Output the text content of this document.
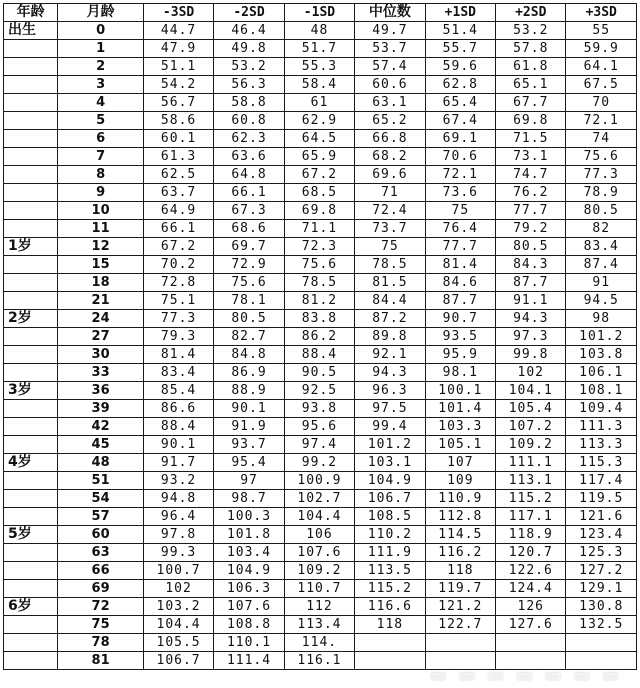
年龄	月龄	-3SD	-2SD	-1SD	中位数	+1SD	+2SD	+3SD
出生	0	44.7	46.4	48	49.7	51.4	53.2	55
	1	47.9	49.8	51.7	53.7	55.7	57.8	59.9
	2	51.1	53.2	55.3	57.4	59.6	61.8	64.1
	3	54.2	56.3	58.4	60.6	62.8	65.1	67.5
	4	56.7	58.8	61	63.1	65.4	67.7	70
	5	58.6	60.8	62.9	65.2	67.4	69.8	72.1
	6	60.1	62.3	64.5	66.8	69.1	71.5	74
	7	61.3	63.6	65.9	68.2	70.6	73.1	75.6
	8	62.5	64.8	67.2	69.6	72.1	74.7	77.3
	9	63.7	66.1	68.5	71	73.6	76.2	78.9
	10	64.9	67.3	69.8	72.4	75	77.7	80.5
	11	66.1	68.6	71.1	73.7	76.4	79.2	82
1岁	12	67.2	69.7	72.3	75	77.7	80.5	83.4
	15	70.2	72.9	75.6	78.5	81.4	84.3	87.4
	18	72.8	75.6	78.5	81.5	84.6	87.7	91
	21	75.1	78.1	81.2	84.4	87.7	91.1	94.5
2岁	24	77.3	80.5	83.8	87.2	90.7	94.3	98
	27	79.3	82.7	86.2	89.8	93.5	97.3	101.2
	30	81.4	84.8	88.4	92.1	95.9	99.8	103.8
	33	83.4	86.9	90.5	94.3	98.1	102	106.1
3岁	36	85.4	88.9	92.5	96.3	100.1	104.1	108.1
	39	86.6	90.1	93.8	97.5	101.4	105.4	109.4
	42	88.4	91.9	95.6	99.4	103.3	107.2	111.3
	45	90.1	93.7	97.4	101.2	105.1	109.2	113.3
4岁	48	91.7	95.4	99.2	103.1	107	111.1	115.3
	51	93.2	97	100.9	104.9	109	113.1	117.4
	54	94.8	98.7	102.7	106.7	110.9	115.2	119.5
	57	96.4	100.3	104.4	108.5	112.8	117.1	121.6
5岁	60	97.8	101.8	106	110.2	114.5	118.9	123.4
	63	99.3	103.4	107.6	111.9	116.2	120.7	125.3
	66	100.7	104.9	109.2	113.5	118	122.6	127.2
	69	102	106.3	110.7	115.2	119.7	124.4	129.1
6岁	72	103.2	107.6	112	116.6	121.2	126	130.8
	75	104.4	108.8	113.4	118	122.7	127.6	132.5
	78	105.5	110.1	114.				
	81	106.7	111.4	116.1				
▬ ▬ ▬ ▬ ▬ ▬ ▬
